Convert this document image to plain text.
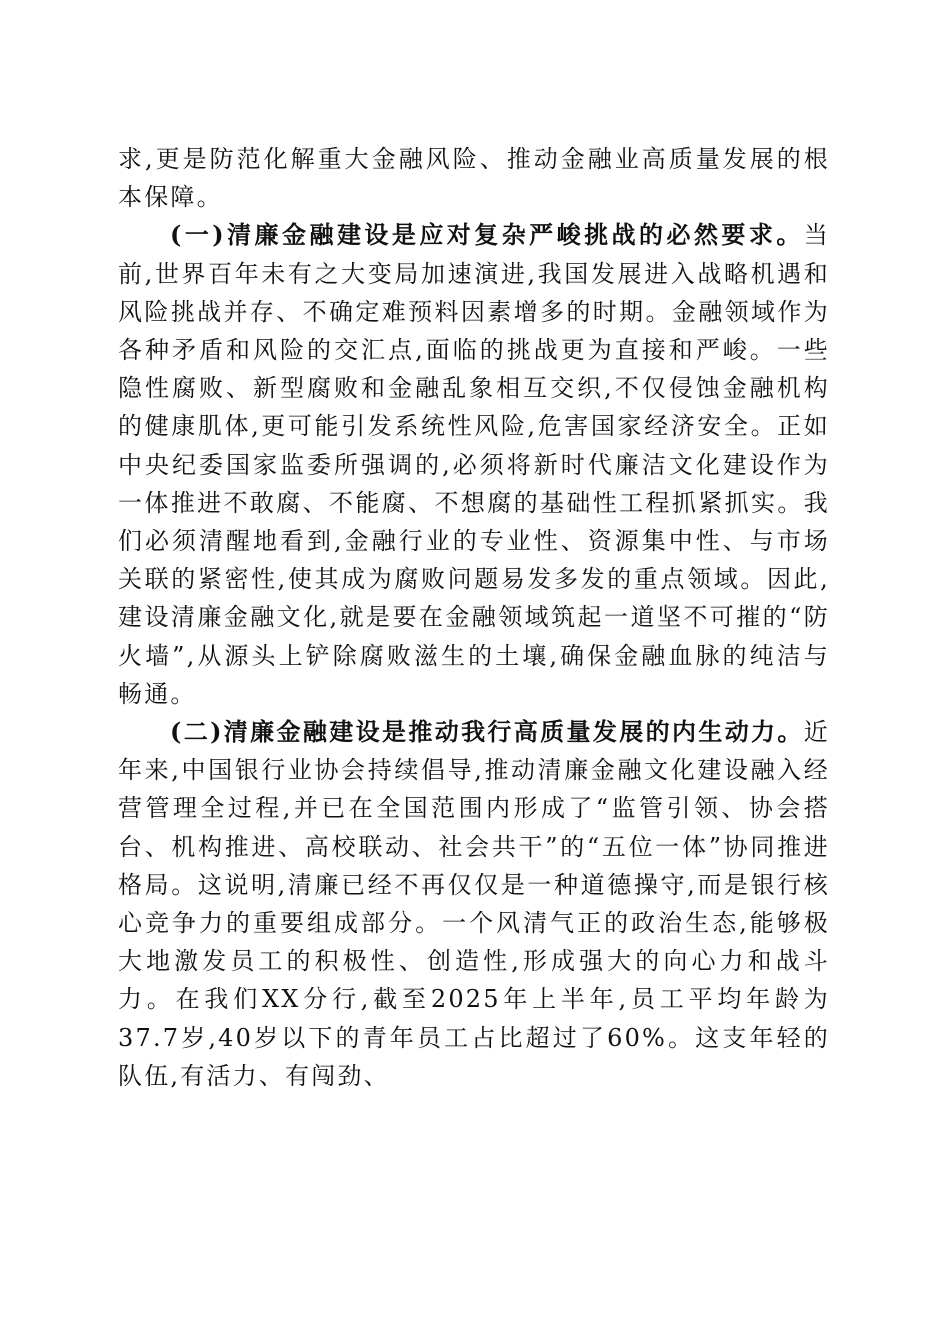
求,更是防范化解重大金融风险、推动金融业高质量发展的根本保障。

(一)清廉金融建设是应对复杂严峻挑战的必然要求。当前,世界百年未有之大变局加速演进,我国发展进入战略机遇和风险挑战并存、不确定难预料因素增多的时期。金融领域作为各种矛盾和风险的交汇点,面临的挑战更为直接和严峻。一些隐性腐败、新型腐败和金融乱象相互交织,不仅侵蚀金融机构的健康肌体,更可能引发系统性风险,危害国家经济安全。正如中央纪委国家监委所强调的,必须将新时代廉洁文化建设作为一体推进不敢腐、不能腐、不想腐的基础性工程抓紧抓实。我们必须清醒地看到,金融行业的专业性、资源集中性、与市场关联的紧密性,使其成为腐败问题易发多发的重点领域。因此,建设清廉金融文化,就是要在金融领域筑起一道坚不可摧的“防火墙”,从源头上铲除腐败滋生的土壤,确保金融血脉的纯洁与畅通。

(二)清廉金融建设是推动我行高质量发展的内生动力。近年来,中国银行业协会持续倡导,推动清廉金融文化建设融入经营管理全过程,并已在全国范围内形成了“监管引领、协会搭台、机构推进、高校联动、社会共干”的“五位一体”协同推进格局。这说明,清廉已经不再仅仅是一种道德操守,而是银行核心竞争力的重要组成部分。一个风清气正的政治生态,能够极大地激发员工的积极性、创造性,形成强大的向心力和战斗力。在我们XX分行,截至2025年上半年,员工平均年龄为37.7岁,40岁以下的青年员工占比超过了60%。这支年轻的队伍,有活力、有闯劲、
